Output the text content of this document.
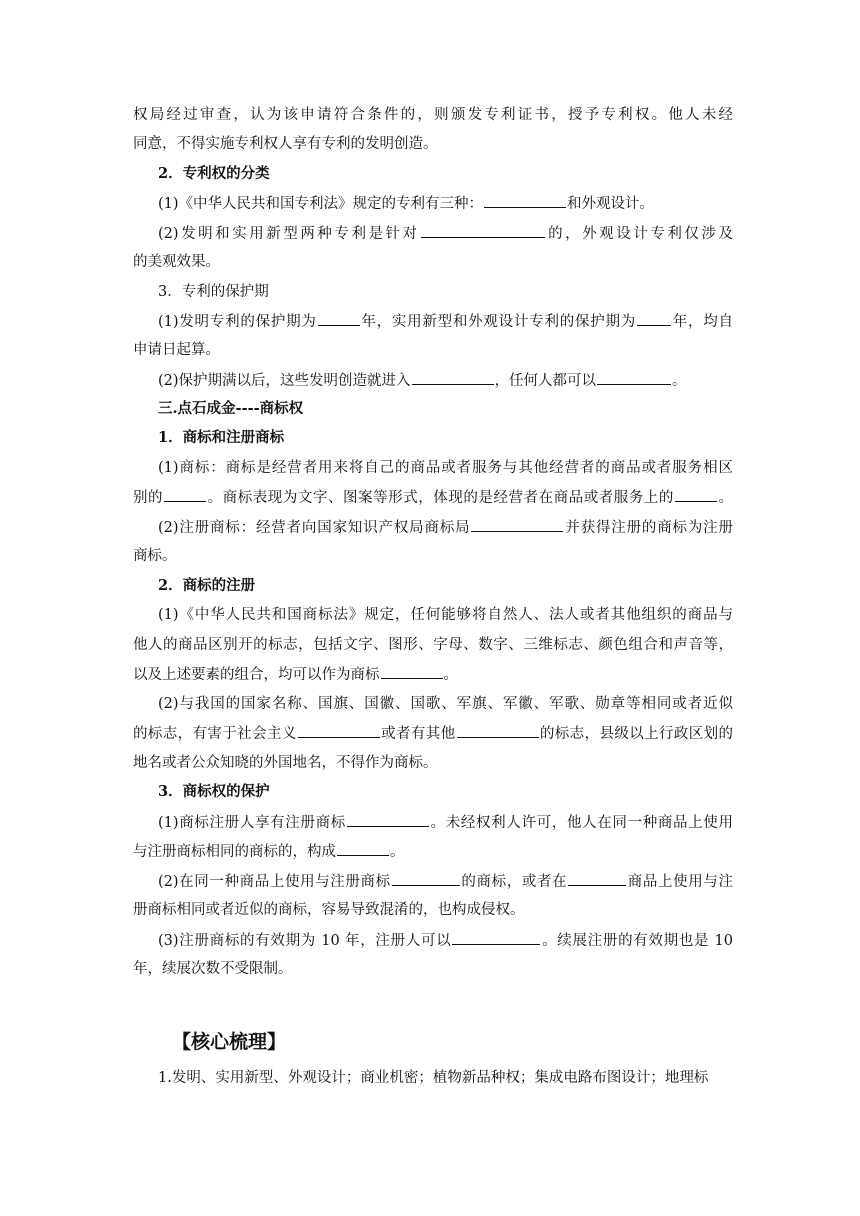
权局经过审查，认为该申请符合条件的，则颁发专利证书，授予专利权。他人未经
同意，不得实施专利权人享有专利的发明创造。
2．专利权的分类
(1)《中华人民共和国专利法》规定的专利有三种：	和外观设计。
(2)发明和实用新型两种专利是针对	的，外观设计专利仅涉及
的美观效果。
3．专利的保护期
(1)发明专利的保护期为	年，实用新型和外观设计专利的保护期为 年，均自
申请日起算。
(2)保护期满以后，这些发明创造就进入	，任何人都可以	。
三.点石成金----商标权
1．商标和注册商标
(1)商标：商标是经营者用来将自己的商品或者服务与其他经营者的商品或者服务相区
别的	。商标表现为文字、图案等形式，体现的是经营者在商品或者服务上的	。
(2)注册商标：经营者向国家知识产权局商标局	并获得注册的商标为注册
商标。
2．商标的注册
(1)《中华人民共和国商标法》规定，任何能够将自然人、法人或者其他组织的商品与
他人的商品区别开的标志，包括文字、图形、字母、数字、三维标志、颜色组合和声音等，
以及上述要素的组合，均可以作为商标	。
(2)与我国的国家名称、国旗、国徽、国歌、军旗、军徽、军歌、勋章等相同或者近似
的标志，有害于社会主义	或者有其他	的标志，县级以上行政区划的
地名或者公众知晓的外国地名，不得作为商标。
3．商标权的保护
(1)商标注册人享有注册商标	。未经权利人许可，他人在同一种商品上使用
与注册商标相同的商标的，构成	。
(2)在同一种商品上使用与注册商标	的商标，或者在	商品上使用与注
册商标相同或者近似的商标，容易导致混淆的，也构成侵权。
(3)注册商标的有效期为 10 年，注册人可以	。续展注册的有效期也是 10
年，续展次数不受限制。
【核心梳理】
1.发明、实用新型、外观设计；商业机密；植物新品种权；集成电路布图设计；地理标
